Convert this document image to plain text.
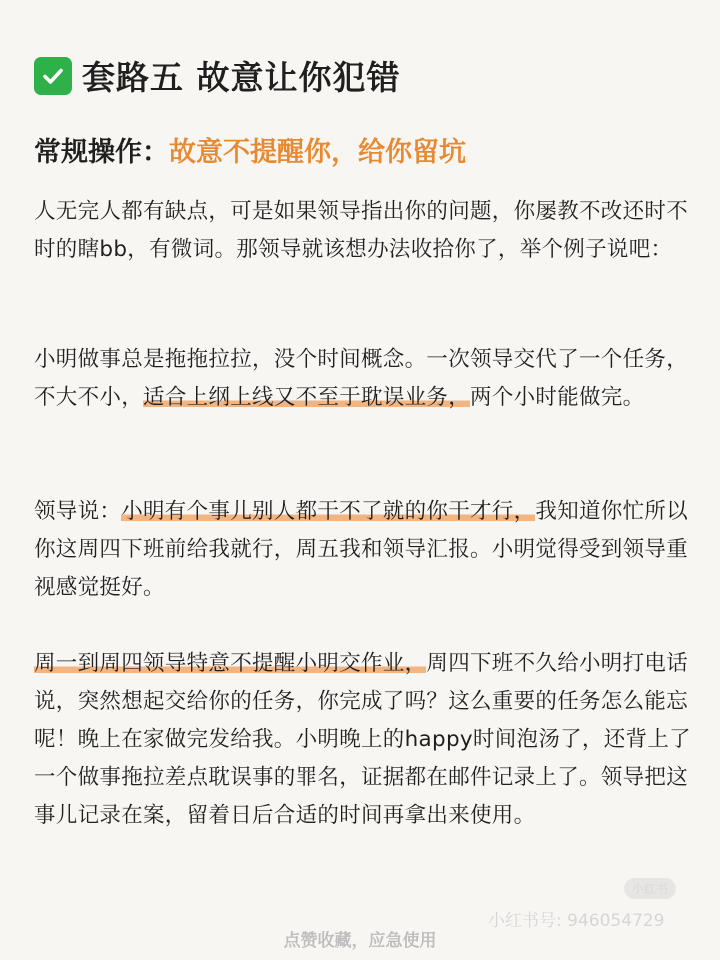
套路五 故意让你犯错
常规操作：故意不提醒你，给你留坑

人无完人都有缺点，可是如果领导指出你的问题，你屡教不改还时不时的瞎bb，有微词。那领导就该想办法收拾你了，举个例子说吧：

小明做事总是拖拖拉拉，没个时间概念。一次领导交代了一个任务，不大不小，适合上纲上线又不至于耽误业务，两个小时能做完。

领导说：小明有个事儿别人都干不了就的你干才行，我知道你忙所以你这周四下班前给我就行，周五我和领导汇报。小明觉得受到领导重视感觉挺好。

周一到周四领导特意不提醒小明交作业，周四下班不久给小明打电话说，突然想起交给你的任务，你完成了吗？这么重要的任务怎么能忘呢！晚上在家做完发给我。小明晚上的happy时间泡汤了，还背上了一个做事拖拉差点耽误事的罪名，证据都在邮件记录上了。领导把这事儿记录在案，留着日后合适的时间再拿出来使用。

小红书
小红书号: 946054729
点赞收藏，应急使用
